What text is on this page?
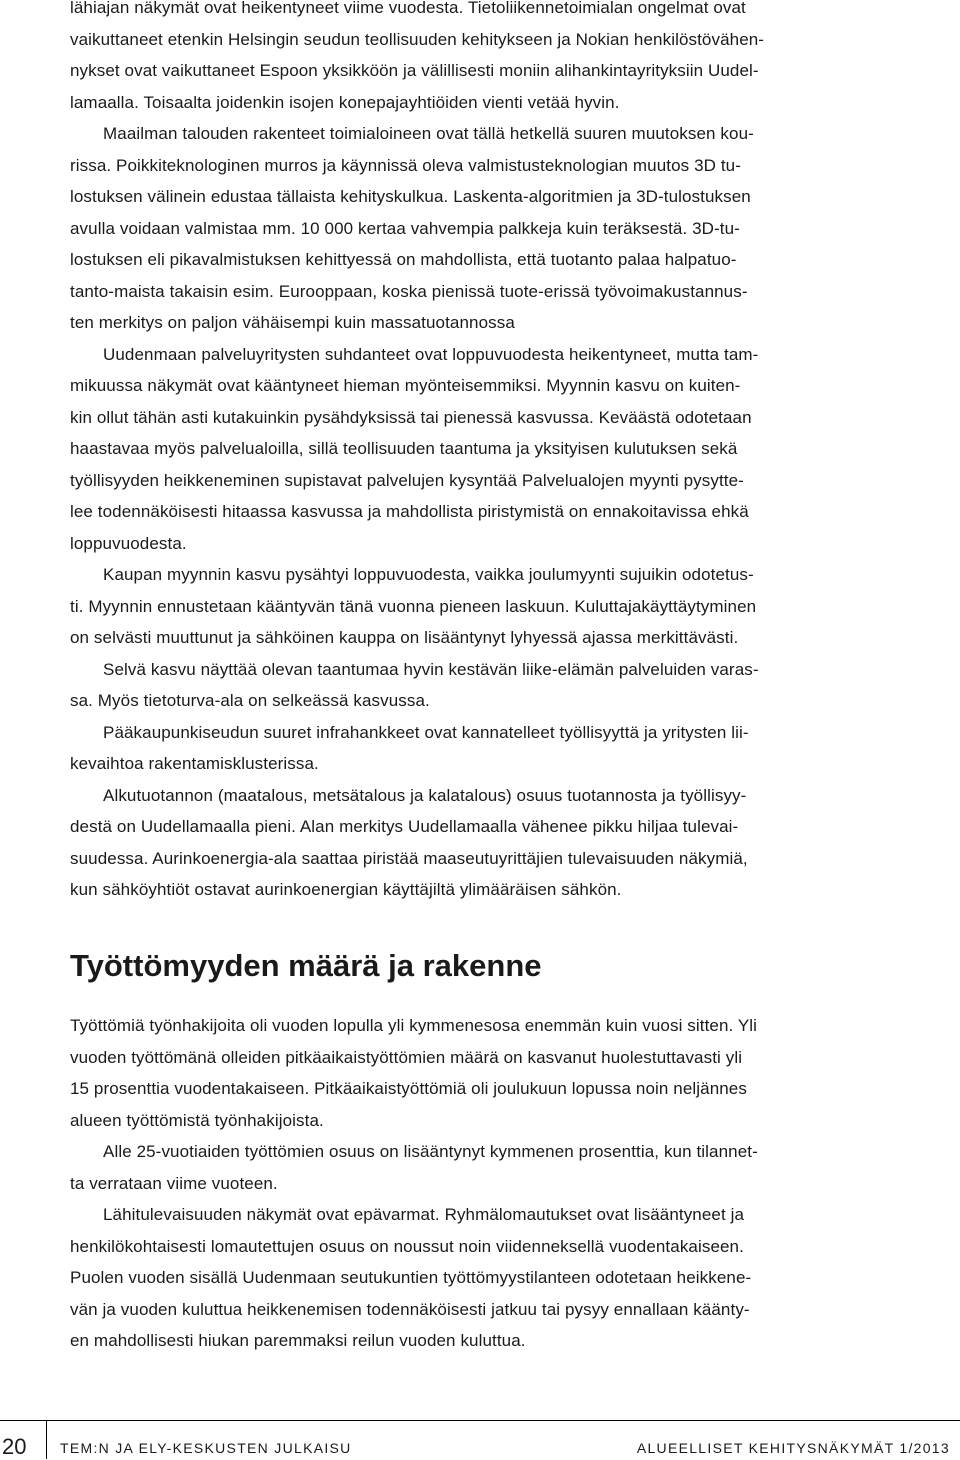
lähiajan näkymät ovat heikentyneet viime vuodesta. Tietoliikennetoimialan ongelmat ovat
vaikuttaneet etenkin Helsingin seudun teollisuuden kehitykseen ja Nokian henkilöstövähen-
nykset ovat vaikuttaneet Espoon yksikköön ja välillisesti moniin alihankintayrityksiin Uudel-
lamaalla. Toisaalta joidenkin isojen konepajayhtiöiden vienti vetää hyvin.
Maailman talouden rakenteet toimialoineen ovat tällä hetkellä suuren muutoksen kou-
rissa. Poikkiteknologinen murros ja käynnissä oleva valmistusteknologian muutos 3D tu-
lostuksen välinein edustaa tällaista kehityskulkua. Laskenta-algoritmien ja 3D-tulostuksen
avulla voidaan valmistaa mm. 10 000 kertaa vahvempia palkkeja kuin teräksestä. 3D-tu-
lostuksen eli pikavalmistuksen kehittyessä on mahdollista, että tuotanto palaa halpatuo-
tanto-maista takaisin esim. Eurooppaan, koska pienissä tuote-erissä työvoimakustannus-
ten merkitys on paljon vähäisempi kuin massatuotannossa
Uudenmaan palveluyritysten suhdanteet ovat loppuvuodesta heikentyneet, mutta tam-
mikuussa näkymät ovat kääntyneet hieman myönteisemmiksi. Myynnin kasvu on kuiten-
kin ollut tähän asti kutakuinkin pysähdyksissä tai pienessä kasvussa. Keväästä odotetaan
haastavaa myös palvelualoilla, sillä teollisuuden taantuma ja yksityisen kulutuksen sekä
työllisyyden heikkeneminen supistavat palvelujen kysyntää Palvelualojen myynti pysytte-
lee todennäköisesti hitaassa kasvussa ja mahdollista piristymistä on ennakoitavissa ehkä
loppuvuodesta.
Kaupan myynnin kasvu pysähtyi loppuvuodesta, vaikka joulumyynti sujuikin odotetus-
ti. Myynnin ennustetaan kääntyvän tänä vuonna pieneen laskuun. Kuluttajakäyttäytyminen
on selvästi muuttunut ja sähköinen kauppa on lisääntynyt lyhyessä ajassa merkittävästi.
Selvä kasvu näyttää olevan taantumaa hyvin kestävän liike-elämän palveluiden varas-
sa. Myös tietoturva-ala on selkeässä kasvussa.
Pääkaupunkiseudun suuret infrahankkeet ovat kannatelleet työllisyyttä ja yritysten lii-
kevaihtoa rakentamisklusterissa.
Alkutuotannon (maatalous, metsätalous ja kalatalous) osuus tuotannosta ja työllisyy-
destä on Uudellamaalla pieni. Alan merkitys Uudellamaalla vähenee pikku hiljaa tulevai-
suudessa. Aurinkoenergia-ala saattaa piristää maaseutuyrittäjien tulevaisuuden näkymiä,
kun sähköyhtiöt ostavat aurinkoenergian käyttäjiltä ylimääräisen sähkön.
Työttömyyden määrä ja rakenne
Työttömiä työnhakijoita oli vuoden lopulla yli kymmenesosa enemmän kuin vuosi sitten. Yli
vuoden työttömänä olleiden pitkäaikaistyöttömien määrä on kasvanut huolestuttavasti yli
15 prosenttia vuodentakaiseen. Pitkäaikaistyöttömiä oli joulukuun lopussa noin neljännes
alueen työttömistä työnhakijoista.
Alle 25-vuotiaiden työttömien osuus on lisääntynyt kymmenen prosenttia, kun tilannet-
ta verrataan viime vuoteen.
Lähitulevaisuuden näkymät ovat epävarmat. Ryhmälomautukset ovat lisääntyneet ja
henkilökohtaisesti lomautettujen osuus on noussut noin viidenneksellä vuodentakaiseen.
Puolen vuoden sisällä Uudenmaan seutukuntien työttömyystilanteen odotetaan heikkene-
vän ja vuoden kuluttua heikkenemisen todennäköisesti jatkuu tai pysyy ennallaan käänty-
en mahdollisesti hiukan paremmaksi reilun vuoden kuluttua.
20 TEM:N JA ELY-KESKUSTEN JULKAISU	ALUEELLISET KEHITYSNÄKYMÄT 1/2013
